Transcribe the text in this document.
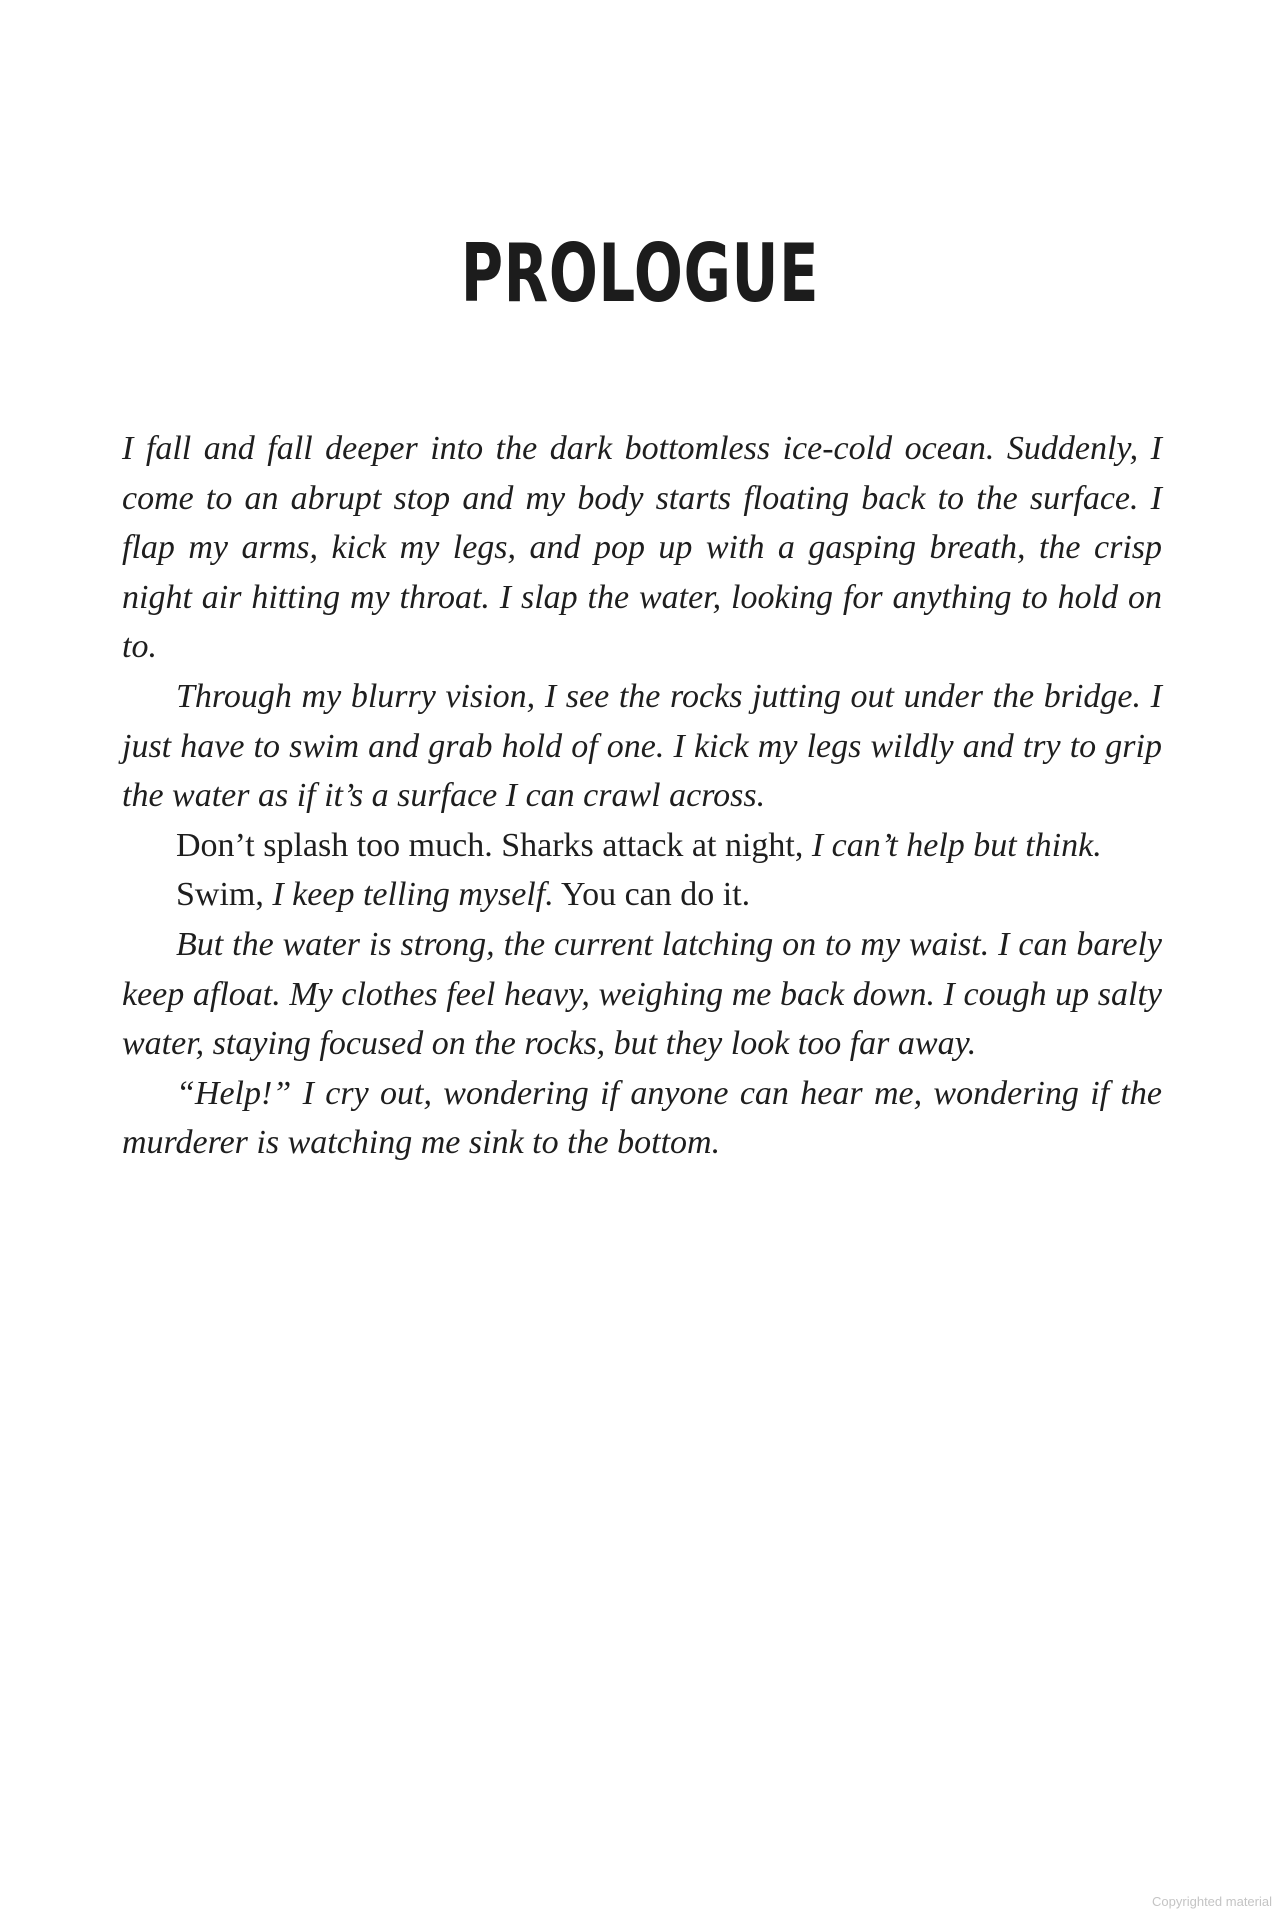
PROLOGUE

I fall and fall deeper into the dark bottomless ice-cold ocean. Suddenly, I come to an abrupt stop and my body starts floating back to the surface. I flap my arms, kick my legs, and pop up with a gasping breath, the crisp night air hitting my throat. I slap the water, looking for anything to hold on to.

Through my blurry vision, I see the rocks jutting out under the bridge. I just have to swim and grab hold of one. I kick my legs wildly and try to grip the water as if it’s a surface I can crawl across.

Don’t splash too much. Sharks attack at night, I can’t help but think.

Swim, I keep telling myself. You can do it.

But the water is strong, the current latching on to my waist. I can barely keep afloat. My clothes feel heavy, weighing me back down. I cough up salty water, staying focused on the rocks, but they look too far away.

“Help!” I cry out, wondering if anyone can hear me, wondering if the murderer is watching me sink to the bottom.

Copyrighted material
